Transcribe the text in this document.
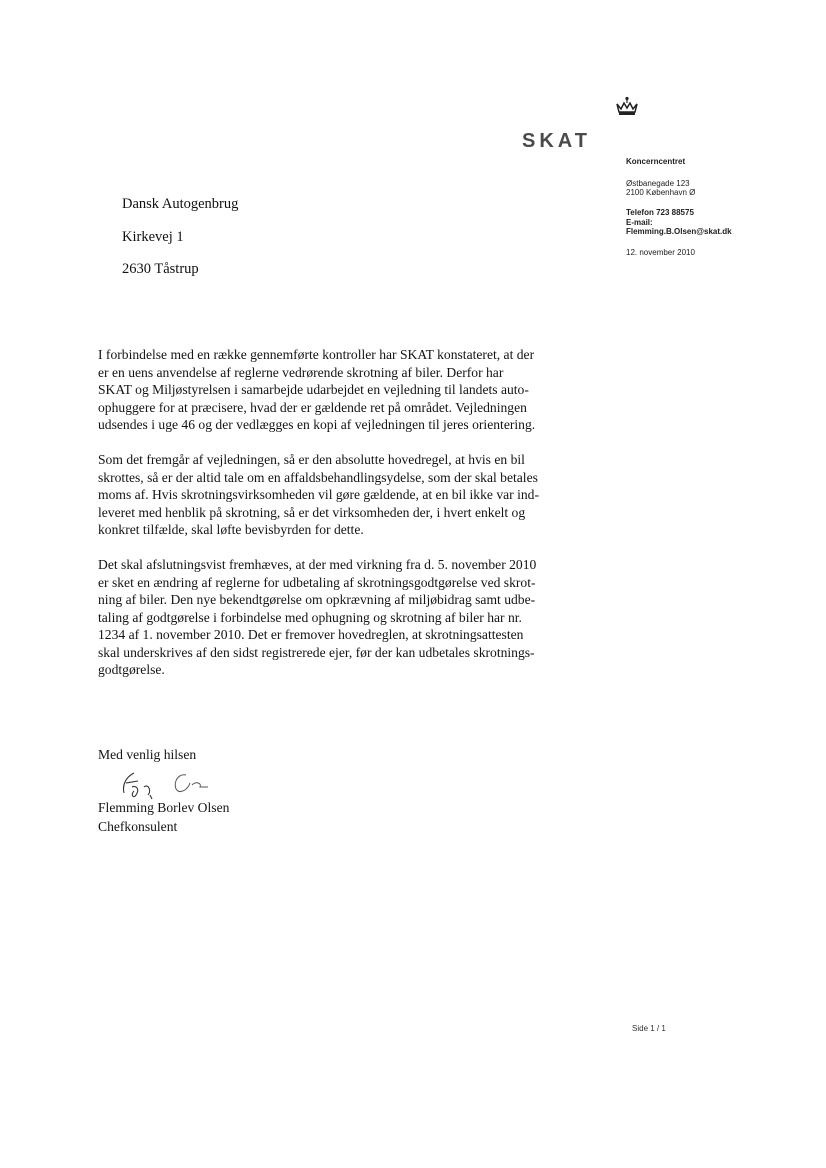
SKAT
Koncerncentret
Østbanegade 123
2100 København Ø
Telefon 723 88575
E-mail:
Flemming.B.Olsen@skat.dk
12. november 2010
Dansk Autogenbrug
Kirkevej 1
2630 Tåstrup
I forbindelse med en række gennemførte kontroller har SKAT konstateret, at der
er en uens anvendelse af reglerne vedrørende skrotning af biler. Derfor har
SKAT og Miljøstyrelsen i samarbejde udarbejdet en vejledning til landets auto-
ophuggere for at præcisere, hvad der er gældende ret på området. Vejledningen
udsendes i uge 46 og der vedlægges en kopi af vejledningen til jeres orientering.
Som det fremgår af vejledningen, så er den absolutte hovedregel, at hvis en bil
skrottes, så er der altid tale om en affaldsbehandlingsydelse, som der skal betales
moms af. Hvis skrotningsvirksomheden vil gøre gældende, at en bil ikke var ind-
leveret med henblik på skrotning, så er det virksomheden der, i hvert enkelt og
konkret tilfælde, skal løfte bevisbyrden for dette.
Det skal afslutningsvist fremhæves, at der med virkning fra d. 5. november 2010
er sket en ændring af reglerne for udbetaling af skrotningsgodtgørelse ved skrot-
ning af biler. Den nye bekendtgørelse om opkrævning af miljøbidrag samt udbe-
taling af godtgørelse i forbindelse med ophugning og skrotning af biler har nr.
1234 af 1. november 2010. Det er fremover hovedreglen, at skrotningsattesten
skal underskrives af den sidst registrerede ejer, før der kan udbetales skrotnings-
godtgørelse.
Med venlig hilsen
Flemming Borlev Olsen
Chefkonsulent
Side 1 / 1
